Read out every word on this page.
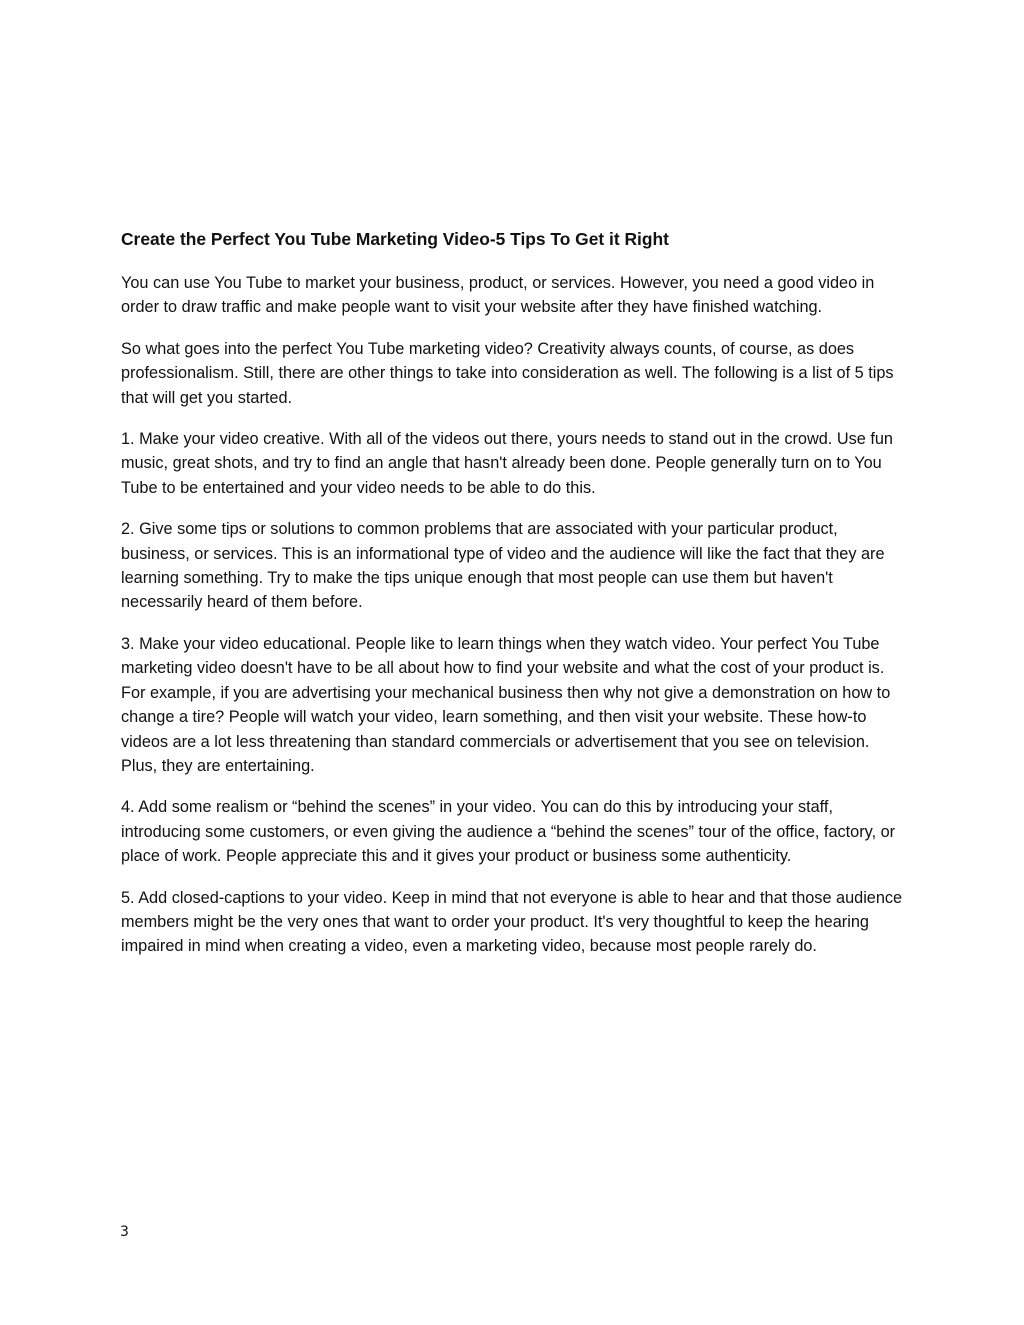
Create the Perfect You Tube Marketing Video-5 Tips To Get it Right

You can use You Tube to market your business, product, or services. However, you need a good video in order to draw traffic and make people want to visit your website after they have finished watching.

So what goes into the perfect You Tube marketing video? Creativity always counts, of course, as does professionalism. Still, there are other things to take into consideration as well. The following is a list of 5 tips that will get you started.

1. Make your video creative. With all of the videos out there, yours needs to stand out in the crowd. Use fun music, great shots, and try to find an angle that hasn't already been done. People generally turn on to You Tube to be entertained and your video needs to be able to do this.

2. Give some tips or solutions to common problems that are associated with your particular product, business, or services. This is an informational type of video and the audience will like the fact that they are learning something. Try to make the tips unique enough that most people can use them but haven't necessarily heard of them before.

3. Make your video educational. People like to learn things when they watch video. Your perfect You Tube marketing video doesn't have to be all about how to find your website and what the cost of your product is. For example, if you are advertising your mechanical business then why not give a demonstration on how to change a tire? People will watch your video, learn something, and then visit your website. These how-to videos are a lot less threatening than standard commercials or advertisement that you see on television. Plus, they are entertaining.

4. Add some realism or “behind the scenes” in your video. You can do this by introducing your staff, introducing some customers, or even giving the audience a “behind the scenes” tour of the office, factory, or place of work. People appreciate this and it gives your product or business some authenticity.

5. Add closed-captions to your video. Keep in mind that not everyone is able to hear and that those audience members might be the very ones that want to order your product. It's very thoughtful to keep the hearing impaired in mind when creating a video, even a marketing video, because most people rarely do.

3
